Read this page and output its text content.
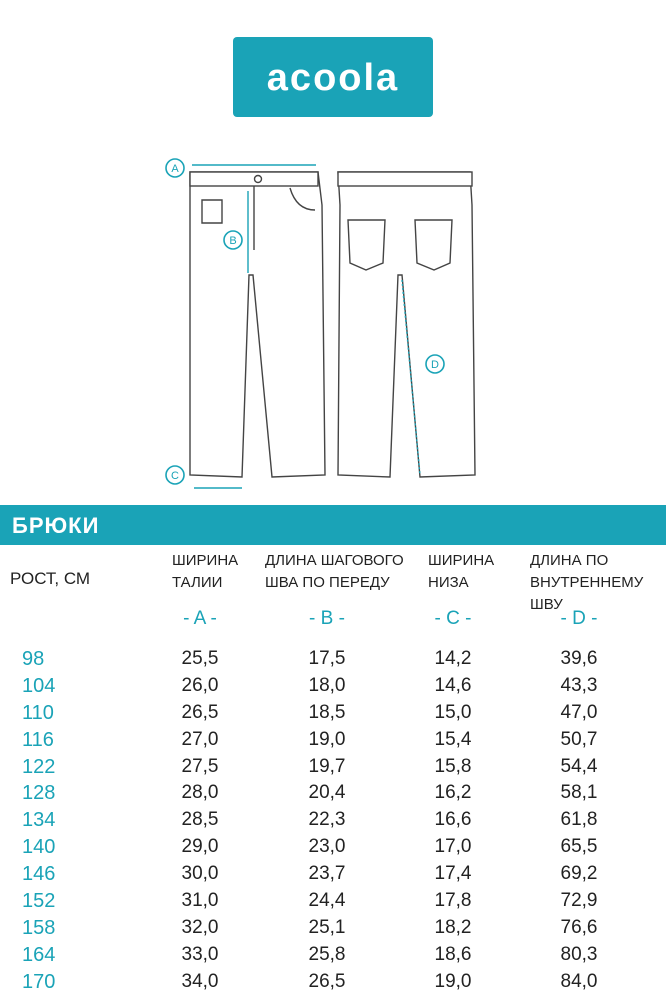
acoola
A
B
C
D
БРЮКИ
РОСТ, СМ
ШИРИНА
ТАЛИИ
ДЛИНА ШАГОВОГО
ШВА ПО ПЕРЕДУ
ШИРИНА
НИЗА
ДЛИНА ПО
ВНУТРЕННЕМУ ШВУ
- A -	- B -	- C -	- D -
98	25,5	17,5	14,2	39,6
104	26,0	18,0	14,6	43,3
110	26,5	18,5	15,0	47,0
116	27,0	19,0	15,4	50,7
122	27,5	19,7	15,8	54,4
128	28,0	20,4	16,2	58,1
134	28,5	22,3	16,6	61,8
140	29,0	23,0	17,0	65,5
146	30,0	23,7	17,4	69,2
152	31,0	24,4	17,8	72,9
158	32,0	25,1	18,2	76,6
164	33,0	25,8	18,6	80,3
170	34,0	26,5	19,0	84,0
